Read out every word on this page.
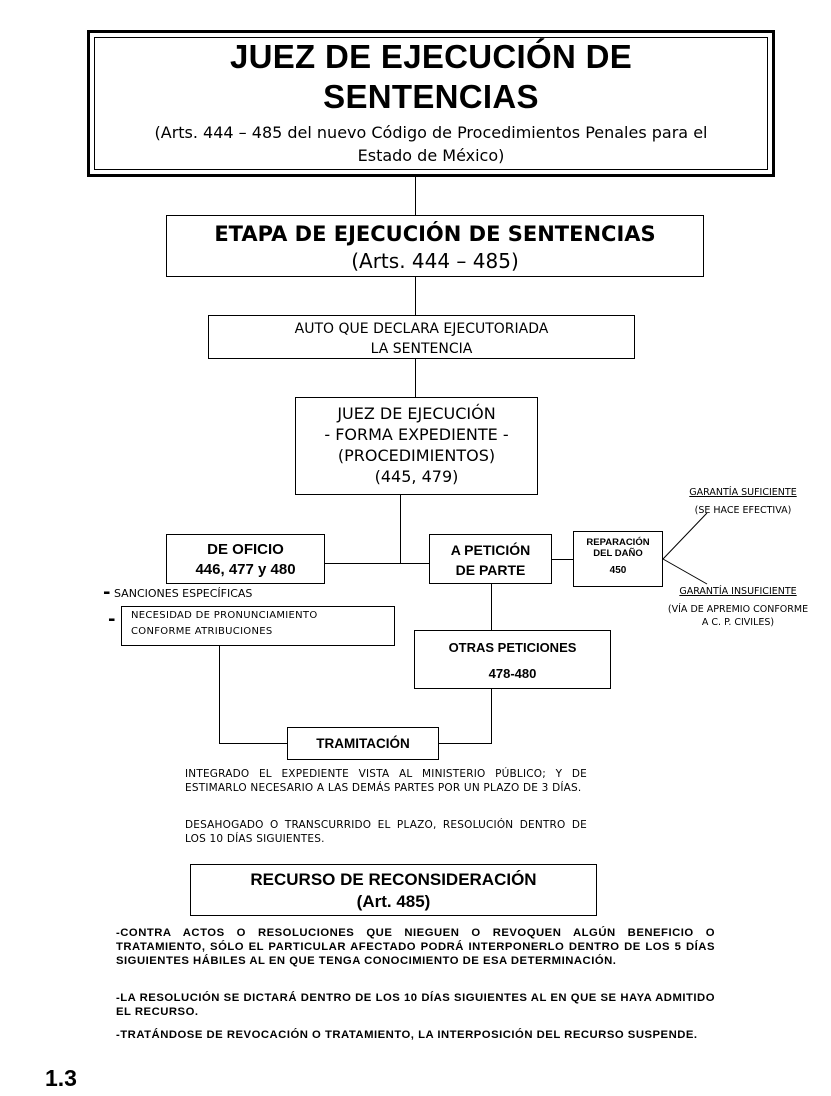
JUEZ DE EJECUCIÓN DE
SENTENCIAS
(Arts. 444 – 485 del nuevo Código de Procedimientos Penales para el
Estado de México)
ETAPA DE EJECUCIÓN DE SENTENCIAS
(Arts. 444 – 485)
AUTO QUE DECLARA EJECUTORIADA
LA SENTENCIA
JUEZ DE EJECUCIÓN
- FORMA EXPEDIENTE -
(PROCEDIMIENTOS)
(445, 479)
DE OFICIO
446, 477 y 480
A PETICIÓN
DE PARTE
REPARACIÓN
DEL DAÑO
450
GARANTÍA SUFICIENTE
(SE HACE EFECTIVA)
GARANTÍA INSUFICIENTE
(VÍA DE APREMIO CONFORME
A C. P. CIVILES)
- SANCIONES ESPECÍFICAS
- NECESIDAD DE PRONUNCIAMIENTO
CONFORME ATRIBUCIONES
OTRAS PETICIONES
478-480
TRAMITACIÓN
INTEGRADO EL EXPEDIENTE VISTA AL MINISTERIO PÚBLICO; Y DE ESTIMARLO NECESARIO A LAS DEMÁS PARTES POR UN PLAZO DE 3 DÍAS.
DESAHOGADO O TRANSCURRIDO EL PLAZO, RESOLUCIÓN DENTRO DE LOS 10 DÍAS SIGUIENTES.
RECURSO DE RECONSIDERACIÓN
(Art. 485)
-CONTRA ACTOS O RESOLUCIONES QUE NIEGUEN O REVOQUEN ALGÚN BENEFICIO O TRATAMIENTO, SÓLO EL PARTICULAR AFECTADO PODRÁ INTERPONERLO DENTRO DE LOS 5 DÍAS SIGUIENTES HÁBILES AL EN QUE TENGA CONOCIMIENTO DE ESA DETERMINACIÓN.
-LA RESOLUCIÓN SE DICTARÁ DENTRO DE LOS 10 DÍAS SIGUIENTES AL EN QUE SE HAYA ADMITIDO EL RECURSO.
-TRATÁNDOSE DE REVOCACIÓN O TRATAMIENTO, LA INTERPOSICIÓN DEL RECURSO SUSPENDE.
1.3
